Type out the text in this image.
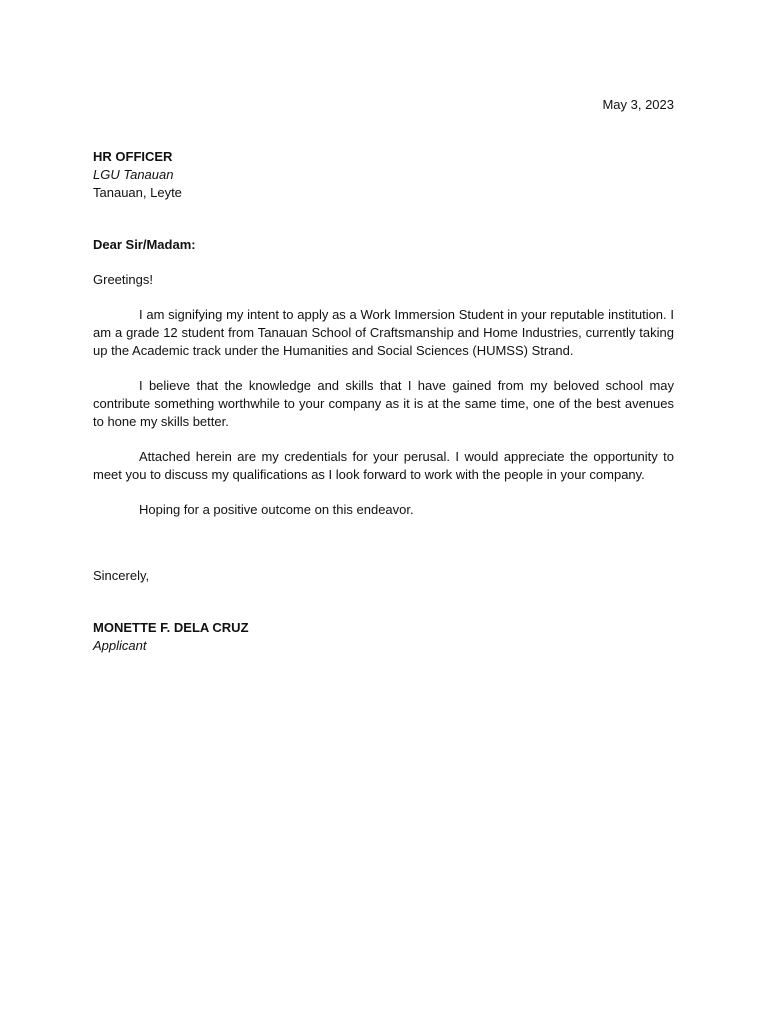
May 3, 2023
HR OFFICER
LGU Tanauan
Tanauan, Leyte
Dear Sir/Madam:
Greetings!
I am signifying my intent to apply as a Work Immersion Student in your reputable institution. I am a grade 12 student from Tanauan School of Craftsmanship and Home Industries, currently taking up the Academic track under the Humanities and Social Sciences (HUMSS) Strand.
I believe that the knowledge and skills that I have gained from my beloved school may contribute something worthwhile to your company as it is at the same time, one of the best avenues to hone my skills better.
Attached herein are my credentials for your perusal. I would appreciate the opportunity to meet you to discuss my qualifications as I look forward to work with the people in your company.
Hoping for a positive outcome on this endeavor.
Sincerely,
MONETTE F. DELA CRUZ
Applicant
